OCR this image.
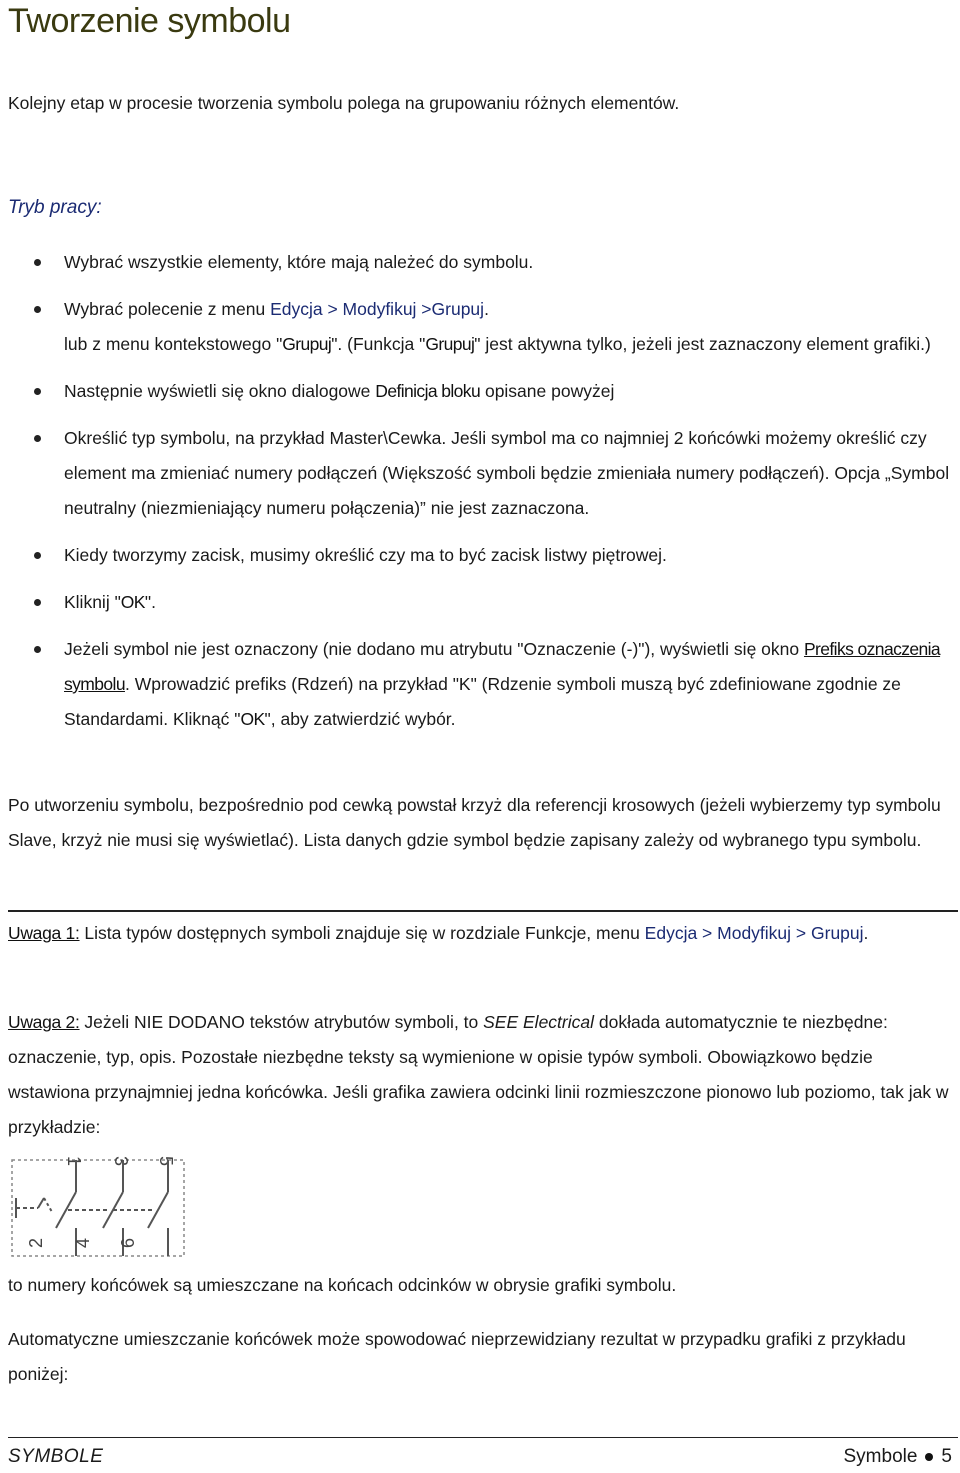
Tworzenie symbolu

Kolejny etap w procesie tworzenia symbolu polega na grupowaniu różnych elementów.

Tryb pracy:

Wybrać wszystkie elementy, które mają należeć do symbolu.
Wybrać polecenie z menu Edycja > Modyfikuj >Grupuj.
lub z menu kontekstowego "Grupuj". (Funkcja "Grupuj" jest aktywna tylko, jeżeli jest zaznaczony element grafiki.)
Następnie wyświetli się okno dialogowe Definicja bloku opisane powyżej
Określić typ symbolu, na przykład Master\Cewka. Jeśli symbol ma co najmniej 2 końcówki możemy określić czy element ma zmieniać numery podłączeń (Większość symboli będzie zmieniała numery podłączeń). Opcja „Symbol neutralny (niezmieniający numeru połączenia)” nie jest zaznaczona.
Kiedy tworzymy zacisk, musimy określić czy ma to być zacisk listwy piętrowej.
Kliknij "OK".
Jeżeli symbol nie jest oznaczony (nie dodano mu atrybutu "Oznaczenie (-)"), wyświetli się okno Prefiks oznaczenia symbolu. Wprowadzić prefiks (Rdzeń) na przykład "K" (Rdzenie symboli muszą być zdefiniowane zgodnie ze Standardami. Kliknąć "OK", aby zatwierdzić wybór.

Po utworzeniu symbolu, bezpośrednio pod cewką powstał krzyż dla referencji krosowych (jeżeli wybierzemy typ symbolu Slave, krzyż nie musi się wyświetlać). Lista danych gdzie symbol będzie zapisany zależy od wybranego typu symbolu.

Uwaga 1: Lista typów dostępnych symboli znajduje się w rozdziale Funkcje, menu Edycja > Modyfikuj > Grupuj.

Uwaga 2: Jeżeli NIE DODANO tekstów atrybutów symboli, to SEE Electrical dokłada automatycznie te niezbędne: oznaczenie, typ, opis. Pozostałe niezbędne teksty są wymienione w opisie typów symboli. Obowiązkowo będzie wstawiona przynajmniej jedna końcówka. Jeśli grafika zawiera odcinki linii rozmieszczone pionowo lub poziomo, tak jak w przykładzie:

1 3 5
2 4 6

to numery końcówek są umieszczane na końcach odcinków w obrysie grafiki symbolu.

Automatyczne umieszczanie końcówek może spowodować nieprzewidziany rezultat w przypadku grafiki z przykładu poniżej:

SYMBOLE	Symbole 5
